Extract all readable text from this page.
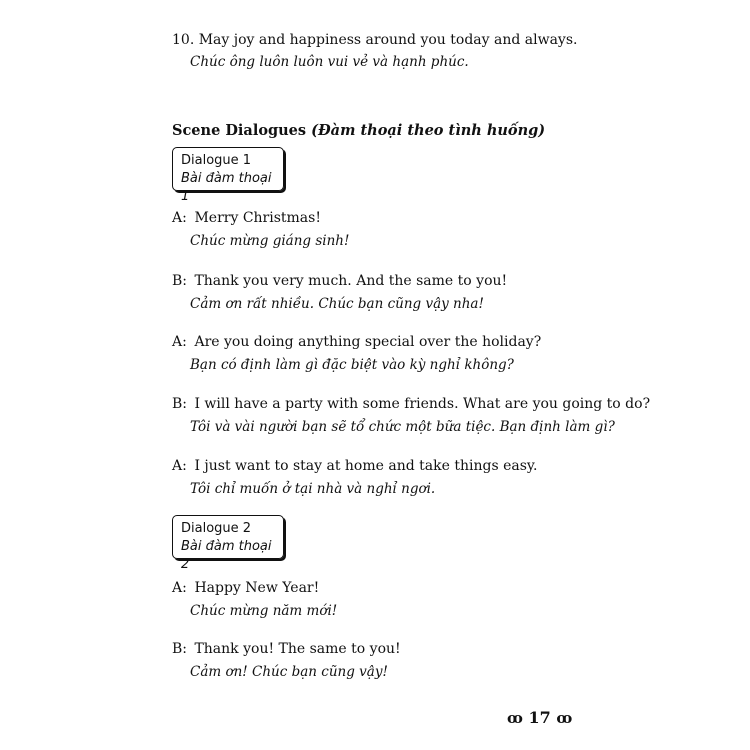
10. May joy and happiness around you today and always.
Chúc ông luôn luôn vui vẻ và hạnh phúc.
Scene Dialogues (Đàm thoại theo tình huống)
Dialogue 1
Bài đàm thoại 1
A: Merry Christmas!
Chúc mừng giáng sinh!
B: Thank you very much. And the same to you!
Cảm ơn rất nhiều. Chúc bạn cũng vậy nha!
A: Are you doing anything special over the holiday?
Bạn có định làm gì đặc biệt vào kỳ nghỉ không?
B: I will have a party with some friends. What are you going to do?
Tôi và vài người bạn sẽ tổ chức một bữa tiệc. Bạn định làm gì?
A: I just want to stay at home and take things easy.
Tôi chỉ muốn ở tại nhà và nghỉ ngơi.
Dialogue 2
Bài đàm thoại 2
A: Happy New Year!
Chúc mừng năm mới!
B: Thank you! The same to you!
Cảm ơn! Chúc bạn cũng vậy!
ꝏ 17 ꝏ
